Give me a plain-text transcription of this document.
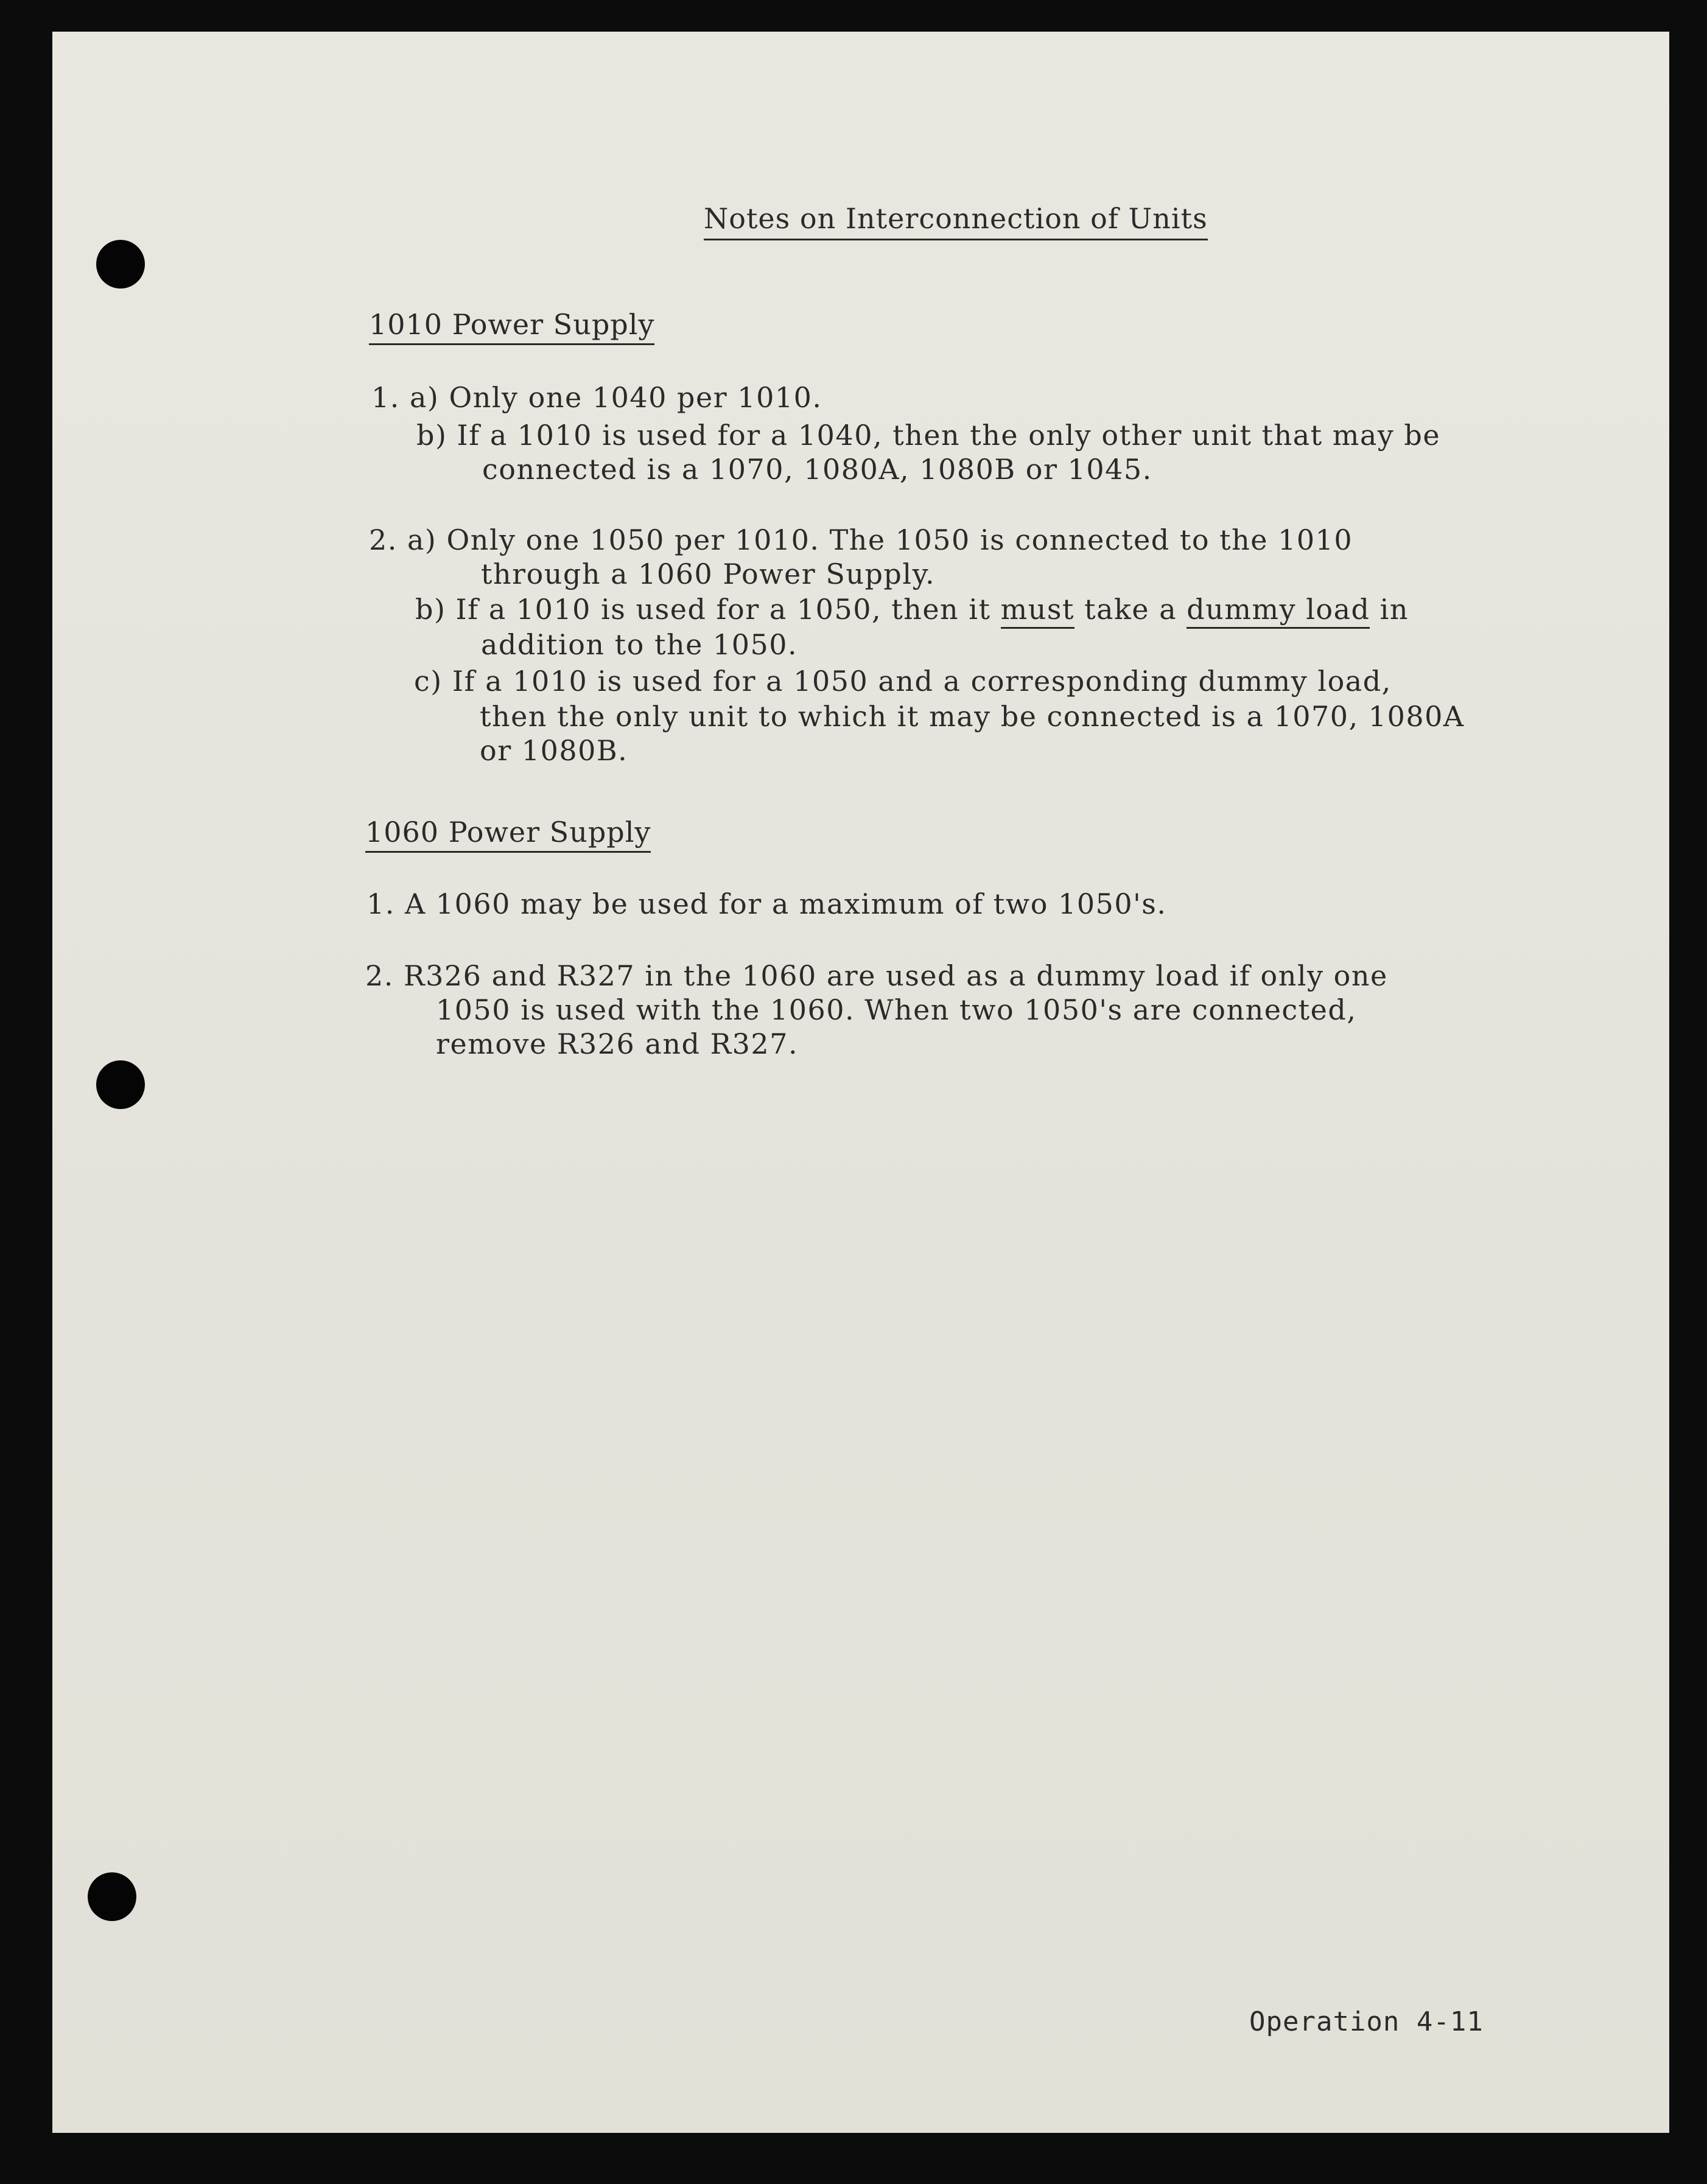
Notes on Interconnection of Units
1010 Power Supply
1. a) Only one 1040 per 1010.
b) If a 1010 is used for a 1040, then the only other unit that may be
connected is a 1070, 1080A, 1080B or 1045.
2. a) Only one 1050 per 1010. The 1050 is connected to the 1010
through a 1060 Power Supply.
b) If a 1010 is used for a 1050, then it must take a dummy load in
addition to the 1050.
c) If a 1010 is used for a 1050 and a corresponding dummy load,
then the only unit to which it may be connected is a 1070, 1080A
or 1080B.
1060 Power Supply
1. A 1060 may be used for a maximum of two 1050's.
2. R326 and R327 in the 1060 are used as a dummy load if only one
1050 is used with the 1060. When two 1050's are connected,
remove R326 and R327.
Operation 4-11
